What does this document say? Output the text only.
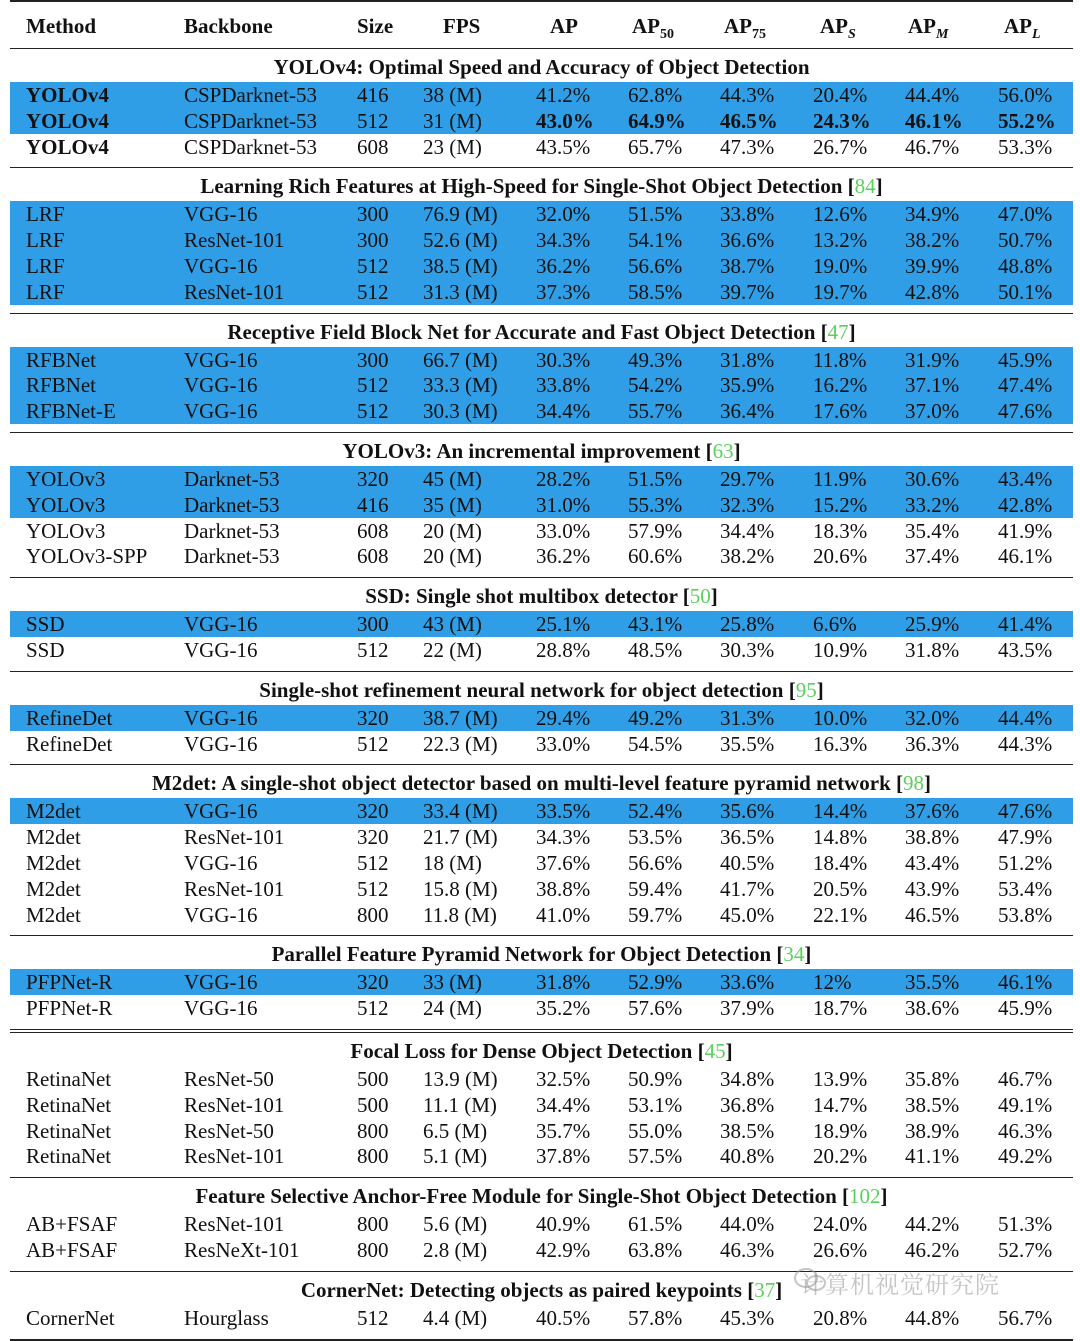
Method	Backbone	Size FPS	AP	$AP_{50}$ $AP_{75}$	$AP_S$ $AP_M$	$AP_L$
YOLOv4: Optimal Speed and Accuracy of Object Detection
YOLOv4	CSPDarknet-53 416 38 (M)	41.2% 62.8% 44.3% 20.4% 44.4% 56.0%
YOLOv4	CSPDarknet-53 512 31 (M)	43.0% 64.9% 46.5% 24.3% 46.1% 55.2%
YOLOv4	CSPDarknet-53 608 23 (M)	43.5% 65.7% 47.3% 26.7% 46.7% 53.3%
Learning Rich Features at High-Speed for Single-Shot Object Detection [84]
LRF	VGG-16	300 76.9 (M) 32.0% 51.5% 33.8% 12.6% 34.9% 47.0%
LRF	ResNet-101	300 52.6 (M) 34.3% 54.1% 36.6% 13.2% 38.2% 50.7%
LRF	VGG-16	512 38.5 (M) 36.2% 56.6% 38.7% 19.0% 39.9% 48.8%
LRF	ResNet-101	512 31.3 (M) 37.3% 58.5% 39.7% 19.7% 42.8% 50.1%
Receptive Field Block Net for Accurate and Fast Object Detection [47]
RFBNet	VGG-16	300 66.7 (M) 30.3% 49.3% 31.8% 11.8% 31.9% 45.9%
RFBNet	VGG-16	512 33.3 (M) 33.8% 54.2% 35.9% 16.2% 37.1% 47.4%
RFBNet-E	VGG-16	512 30.3 (M) 34.4% 55.7% 36.4% 17.6% 37.0% 47.6%
YOLOv3: An incremental improvement [63]
YOLOv3	Darknet-53	320 45 (M)	28.2% 51.5% 29.7% 11.9% 30.6% 43.4%
YOLOv3	Darknet-53	416 35 (M)	31.0% 55.3% 32.3% 15.2% 33.2% 42.8%
YOLOv3	Darknet-53	608 20 (M)	33.0% 57.9% 34.4% 18.3% 35.4% 41.9%
YOLOv3-SPP Darknet-53	608 20 (M)	36.2% 60.6% 38.2% 20.6% 37.4% 46.1%
SSD: Single shot multibox detector [50]
SSD	VGG-16	300 43 (M)	25.1% 43.1% 25.8% 6.6% 25.9% 41.4%
SSD	VGG-16	512 22 (M)	28.8% 48.5% 30.3% 10.9% 31.8% 43.5%
Single-shot refinement neural network for object detection [95]
RefineDet	VGG-16	320 38.7 (M) 29.4% 49.2% 31.3% 10.0% 32.0% 44.4%
RefineDet	VGG-16	512 22.3 (M) 33.0% 54.5% 35.5% 16.3% 36.3% 44.3%
M2det: A single-shot object detector based on multi-level feature pyramid network [98]
M2det	VGG-16	320 33.4 (M) 33.5% 52.4% 35.6% 14.4% 37.6% 47.6%
M2det	ResNet-101	320 21.7 (M) 34.3% 53.5% 36.5% 14.8% 38.8% 47.9%
M2det	VGG-16	512 18 (M)	37.6% 56.6% 40.5% 18.4% 43.4% 51.2%
M2det	ResNet-101	512 15.8 (M) 38.8% 59.4% 41.7% 20.5% 43.9% 53.4%
M2det	VGG-16	800 11.8 (M) 41.0% 59.7% 45.0% 22.1% 46.5% 53.8%
Parallel Feature Pyramid Network for Object Detection [34]
PFPNet-R	VGG-16	320 33 (M)	31.8% 52.9% 33.6% 12%	35.5% 46.1%
PFPNet-R	VGG-16	512 24 (M)	35.2% 57.6% 37.9% 18.7% 38.6% 45.9%
Focal Loss for Dense Object Detection [45]
RetinaNet	ResNet-50	500 13.9 (M) 32.5% 50.9% 34.8% 13.9% 35.8% 46.7%
RetinaNet	ResNet-101	500 11.1 (M) 34.4% 53.1% 36.8% 14.7% 38.5% 49.1%
RetinaNet	ResNet-50	800 6.5 (M) 35.7% 55.0% 38.5% 18.9% 38.9% 46.3%
RetinaNet	ResNet-101	800 5.1 (M) 37.8% 57.5% 40.8% 20.2% 41.1% 49.2%
Feature Selective Anchor-Free Module for Single-Shot Object Detection [102]
AB+FSAF	ResNet-101	800 5.6 (M) 40.9% 61.5% 44.0% 24.0% 44.2% 51.3%
AB+FSAF	ResNeXt-101	800 2.8 (M) 42.9% 63.8% 46.3% 26.6% 46.2% 52.7%
CornerNet: Detecting objects as paired keypoints [37]
CornerNet	Hourglass	512 4.4 (M) 40.5% 57.8% 45.3% 20.8% 44.8% 56.7%
计算机视觉研究院
